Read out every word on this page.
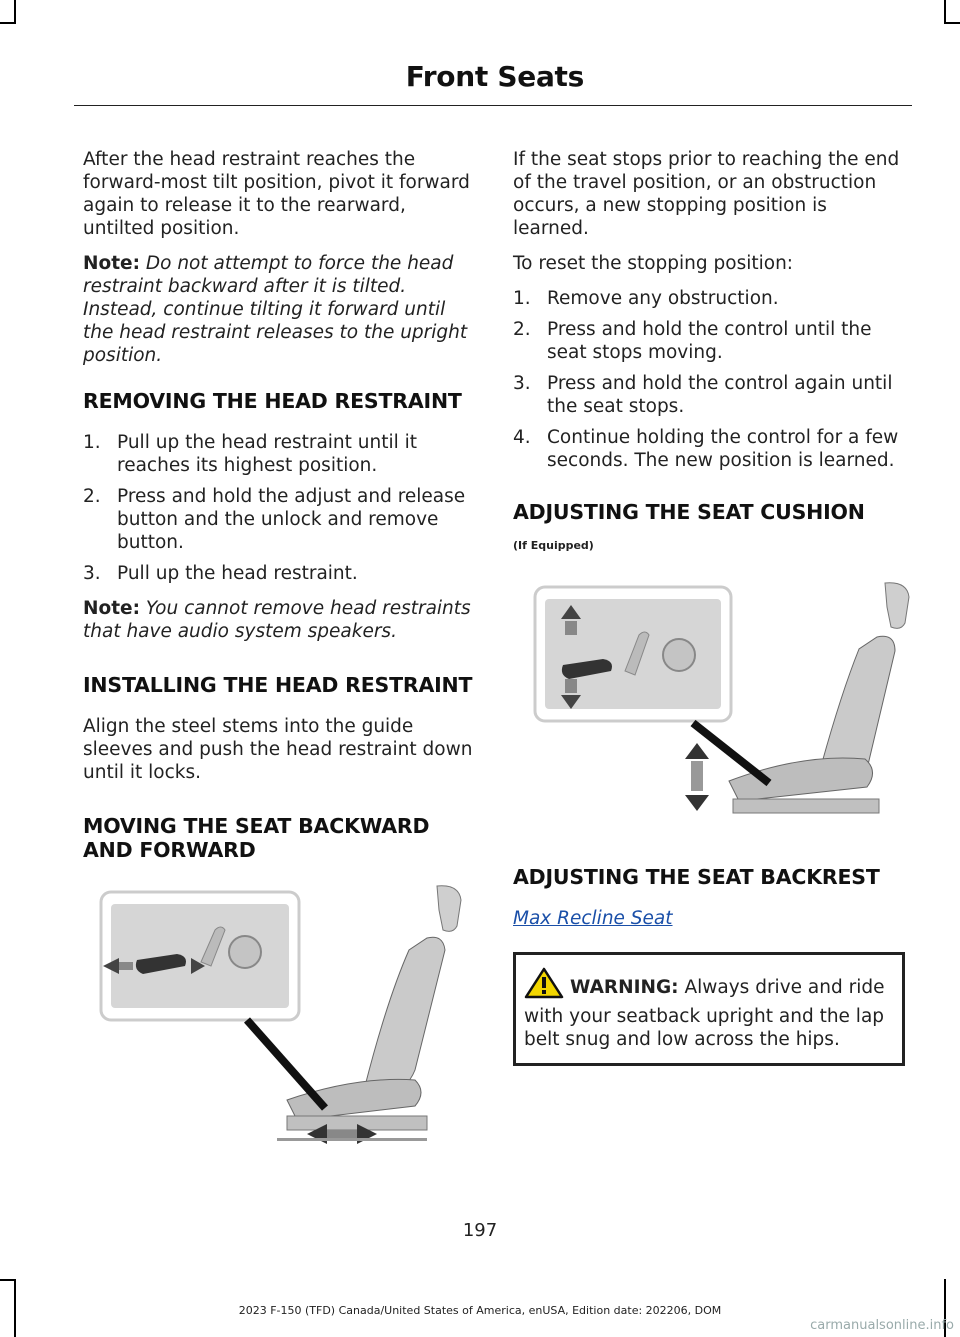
Front Seats

After the head restraint reaches the forward-most tilt position, pivot it forward again to release it to the rearward, untilted position.

Note: Do not attempt to force the head restraint backward after it is tilted. Instead, continue tilting it forward until the head restraint releases to the upright position.

REMOVING THE HEAD RESTRAINT
1. Pull up the head restraint until it reaches its highest position.
2. Press and hold the adjust and release button and the unlock and remove button.
3. Pull up the head restraint.

Note: You cannot remove head restraints that have audio system speakers.

INSTALLING THE HEAD RESTRAINT

Align the steel stems into the guide sleeves and push the head restraint down until it locks.

MOVING THE SEAT BACKWARD AND FORWARD

If the seat stops prior to reaching the end of the travel position, or an obstruction occurs, a new stopping position is learned.

To reset the stopping position:

1. Remove any obstruction.
2. Press and hold the control until the seat stops moving.
3. Press and hold the control again until the seat stops.
4. Continue holding the control for a few seconds. The new position is learned.
ADJUSTING THE SEAT CUSHION
(If Equipped)
ADJUSTING THE SEAT BACKREST

Max Recline Seat

WARNING: Always drive and ride with your seatback upright and the lap belt snug and low across the hips.
197
2023 F-150 (TFD) Canada/United States of America, enUSA, Edition date: 202206, DOM
carmanualsonline.info
